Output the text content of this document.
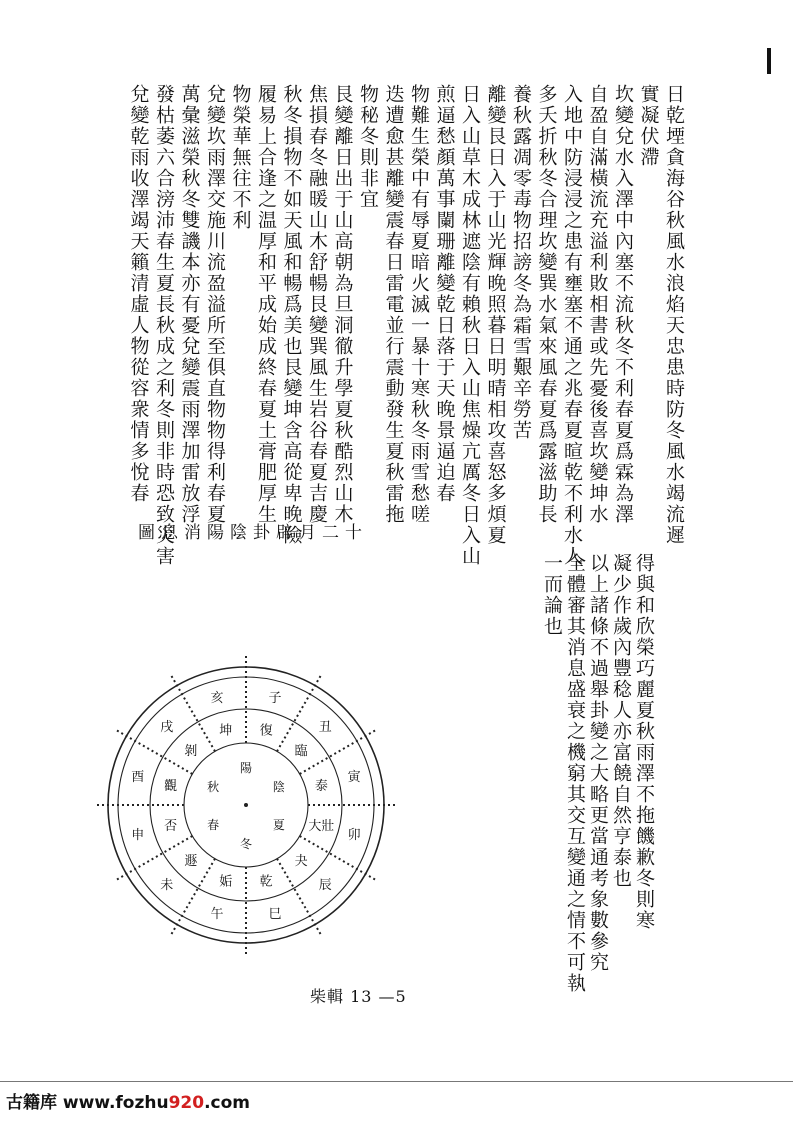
日乾堙貪海谷秋風水浪焰天忠患時防冬風水竭流遲
實凝伏滯
坎變兌水入澤中內塞不流秋冬不利春夏爲霖為澤
自盈自滿橫流充溢利敗相書或先憂後喜坎變坤水
入地中防浸浸之患有壅塞不通之兆春夏暄乾不利水人
多夭折秋冬合理坎變巽水氣來風春夏爲露滋助長
養秋露凋零毒物招謗冬為霜雪艱辛勞苦
離變艮日入于山光輝晚照暮日明晴相攻喜怒多煩夏
日入山草木成林遮陰有賴秋日入山焦燥亢厲冬日入山
煎逼愁顏萬事闌珊離變乾日落于天晚景逼迫春
物難生榮中有辱夏暗火滅一暴十寒秋冬雨雪愁嗟
迭遭愈甚離變震春日雷電並行震動發生夏秋雷拖
物秘冬則非宜
艮變離日出于山高朝為旦洞徹升學夏秋酷烈山木
焦損春冬融暖山木舒暢艮變巽風生岩谷春夏吉慶
秋冬損物不如天風和暢爲美也艮變坤含高從卑晚險
履易上合逢之温厚和平成始成終春夏土膏肥厚生
物榮華無往不利
兌變坎雨澤交施川流盈溢所至俱直物物得利春夏
萬彙滋榮秋冬雙譏本亦有憂兌變震雨澤加雷放浮
發枯萎六合滂沛春生夏長秋成之利冬則非時恐致災害
兌變乾雨收澤竭天籟清虛人物從容衆情多悅春
十二月辟卦陰陽消息圖
復
子
臨
丑
泰
寅
大壯
卯
夬
辰
乾
巳
姤
午
遯
未
否
申
觀
酉
剝
戌	坤
亥
陽
陰
夏
冬
春
秋	得與和欣榮巧麗夏秋雨澤不拖饑歉冬則寒
凝少作歲內豐稔人亦富饒自然亨泰也
以上諸條不過舉卦變之大略更當通考象數參究
全體審其消息盛衰之機窮其交互變通之情不可執
一而論也
柴輯 13 —5
古籍库 www.fozhu920.com
